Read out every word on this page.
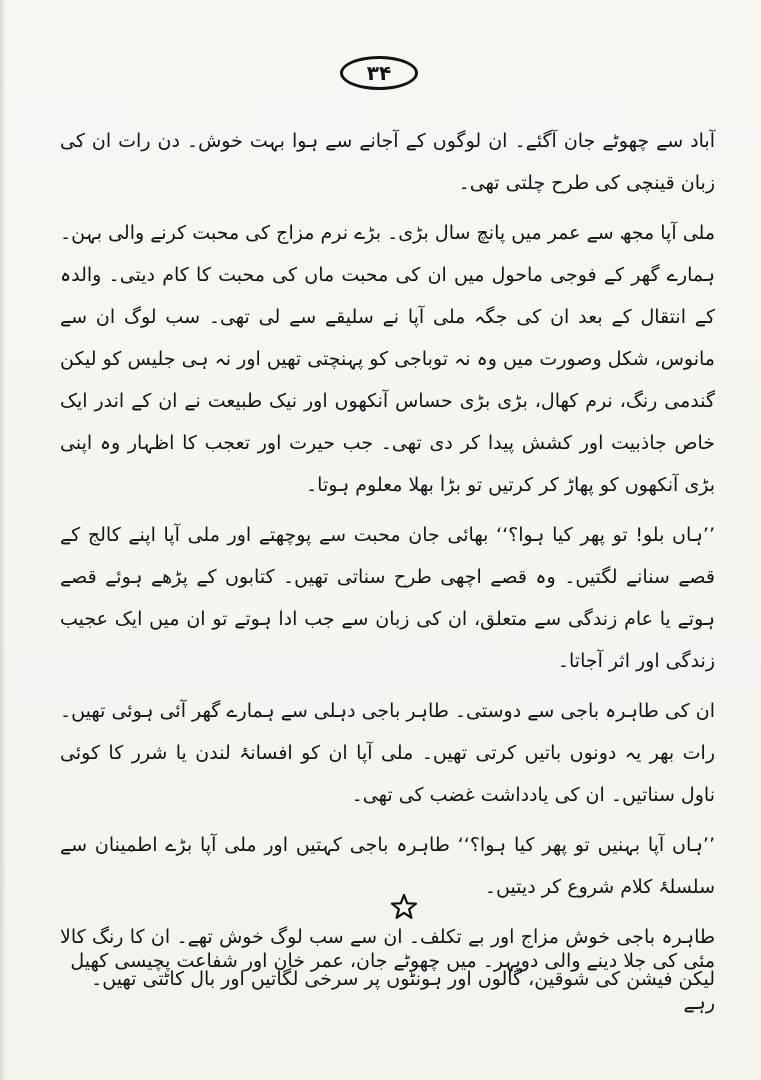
۳۴

آباد سے چھوٹے جان آگئے۔ ان لوگوں کے آجانے سے ہوا بہت خوش۔ دن رات ان کی زبان قینچی کی طرح چلتی تھی۔

ملی آپا مجھ سے عمر میں پانچ سال بڑی۔ بڑے نرم مزاج کی محبت کرنے والی بہن۔ ہمارے گھر کے فوجی ماحول میں ان کی محبت ماں کی محبت کا کام دیتی۔ والدہ کے انتقال کے بعد ان کی جگہ ملی آپا نے سلیقے سے لی تھی۔ سب لوگ ان سے مانوس، شکل وصورت میں وہ نہ توباجی کو پہنچتی تھیں اور نہ ہی جلیس کو لیکن گندمی رنگ، نرم کھال، بڑی بڑی حساس آنکھوں اور نیک طبیعت نے ان کے اندر ایک خاص جاذبیت اور کشش پیدا کر دی تھی۔ جب حیرت اور تعجب کا اظہار وہ اپنی بڑی آنکھوں کو پھاڑ کر کرتیں تو بڑا بھلا معلوم ہوتا۔

’’ہاں بلو! تو پھر کیا ہوا؟‘‘ بھائی جان محبت سے پوچھتے اور ملی آپا اپنے کالج کے قصے سنانے لگتیں۔ وہ قصے اچھی طرح سناتی تھیں۔ کتابوں کے پڑھے ہوئے قصے ہوتے یا عام زندگی سے متعلق، ان کی زبان سے جب ادا ہوتے تو ان میں ایک عجیب زندگی اور اثر آجاتا۔

ان کی طاہرہ باجی سے دوستی۔ طاہر باجی دہلی سے ہمارے گھر آئی ہوئی تھیں۔ رات بھر یہ دونوں باتیں کرتی تھیں۔ ملی آپا ان کو افسانۂ لندن یا شرر کا کوئی ناول سناتیں۔ ان کی یادداشت غضب کی تھی۔

’’ہاں آپا بہنیں تو پھر کیا ہوا؟‘‘ طاہرہ باجی کہتیں اور ملی آپا بڑے اطمینان سے سلسلۂ کلام شروع کر دیتیں۔

طاہرہ باجی خوش مزاج اور بے تکلف۔ ان سے سب لوگ خوش تھے۔ ان کا رنگ کالا لیکن فیشن کی شوقین، گالوں اور ہونٹوں پر سرخی لگاتیں اور بال کاٹتی تھیں۔

مئی کی جلا دینے والی دوپہر۔ میں چھوٹے جان، عمر خان اور شفاعت پچیسی کھیل رہے
